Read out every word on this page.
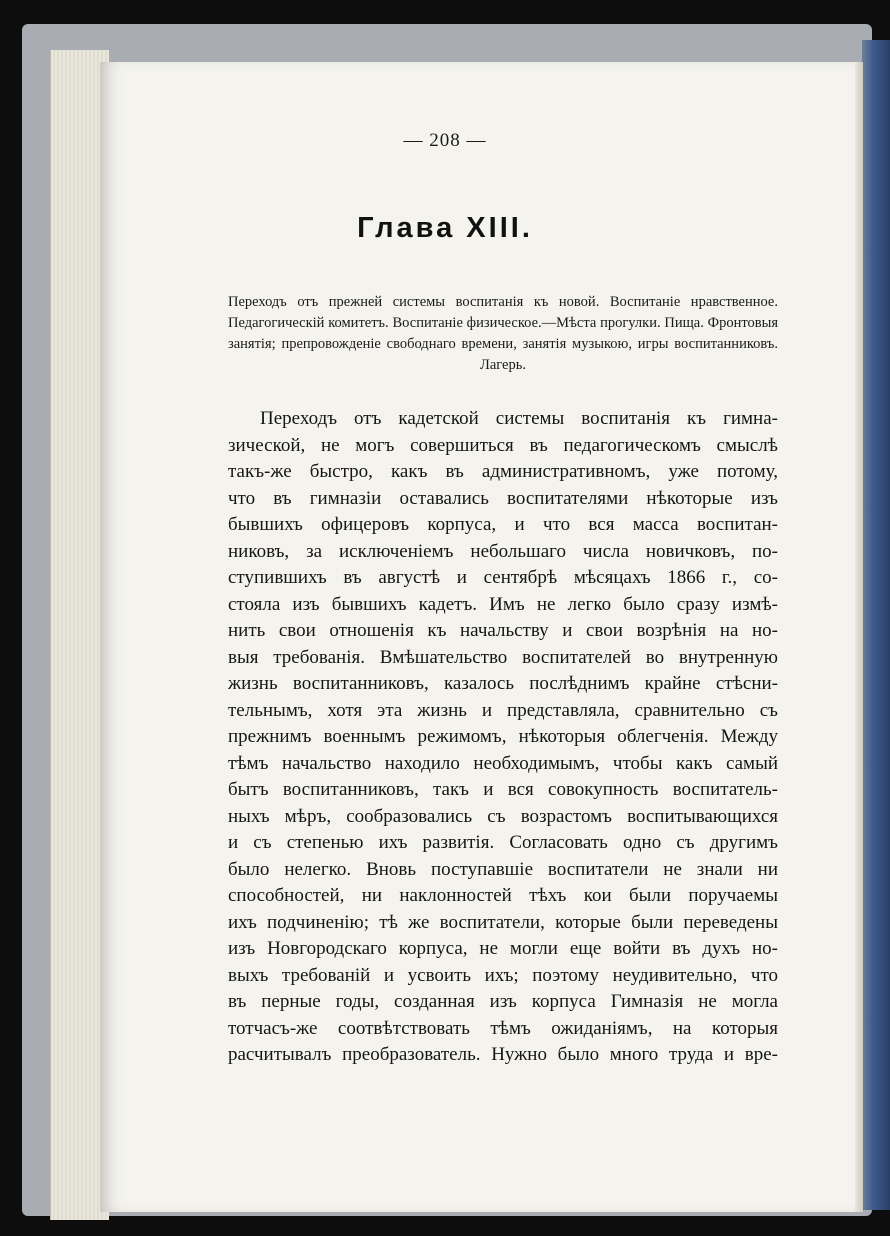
— 208 —
Глава XIII.
Переходъ отъ прежней системы воспитанія къ новой. Воспитаніе нравственное. Педагогическій комитетъ. Воспитаніе физическое.—Мѣста прогулки. Пища. Фронтовыя занятія; препровожденіе свободнаго времени, занятія музыкою, игры воспитанниковъ. Лагерь.
Переходъ отъ кадетской системы воспитанія къ гимна-
зической, не могъ совершиться въ педагогическомъ смыслѣ
такъ-же быстро, какъ въ административномъ, уже потому,
что въ гимназіи оставались воспитателями нѣкоторые изъ
бывшихъ офицеровъ корпуса, и что вся масса воспитан-
никовъ, за исключеніемъ небольшаго числа новичковъ, по-
ступившихъ въ августѣ и сентябрѣ мѣсяцахъ 1866 г., со-
стояла изъ бывшихъ кадетъ. Имъ не легко было сразу измѣ-
нить свои отношенія къ начальству и свои возрѣнія на но-
выя требованія. Вмѣшательство воспитателей во внутренную
жизнь воспитанниковъ, казалось послѣднимъ крайне стѣсни-
тельнымъ, хотя эта жизнь и представляла, сравнительно съ
прежнимъ военнымъ режимомъ, нѣкоторыя облегченія. Между
тѣмъ начальство находило необходимымъ, чтобы какъ самый
бытъ воспитанниковъ, такъ и вся совокупность воспитатель-
ныхъ мѣръ, сообразовались съ возрастомъ воспитывающихся
и съ степенью ихъ развитія. Согласовать одно съ другимъ
было нелегко. Вновь поступавшіе воспитатели не знали ни
способностей, ни наклонностей тѣхъ кои были поручаемы
ихъ подчиненію; тѣ же воспитатели, которые были переведены
изъ Новгородскаго корпуса, не могли еще войти въ духъ но-
выхъ требованій и усвоить ихъ; поэтому неудивительно, что
въ перные годы, созданная изъ корпуса Гимназія не могла
тотчасъ-же соотвѣтствовать тѣмъ ожиданіямъ, на которыя
расчитывалъ преобразователь. Нужно было много труда и вре-
